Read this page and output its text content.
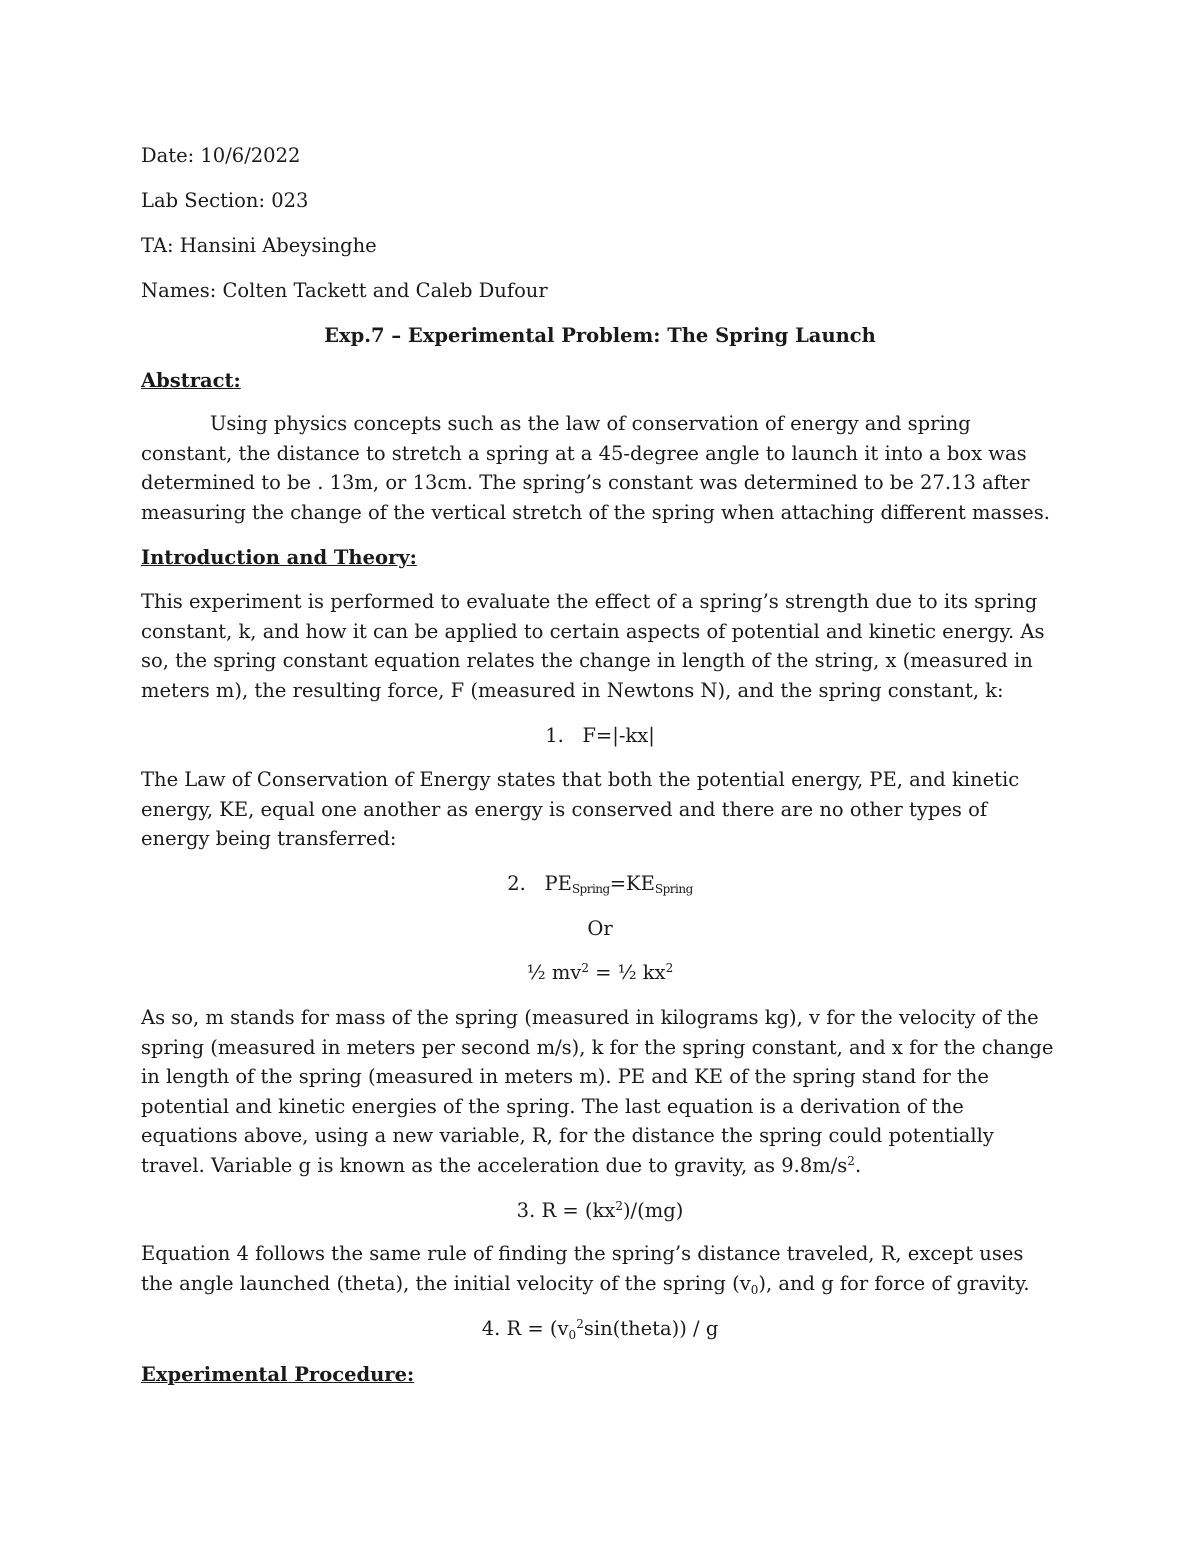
Date: 10/6/2022
Lab Section: 023
TA: Hansini Abeysinghe
Names: Colten Tackett and Caleb Dufour
Exp.7 – Experimental Problem: The Spring Launch
Abstract:

Using physics concepts such as the law of conservation of energy and spring constant, the distance to stretch a spring at a 45-degree angle to launch it into a box was determined to be . 13m, or 13cm. The spring’s constant was determined to be 27.13 after measuring the change of the vertical stretch of the spring when attaching different masses.

Introduction and Theory:

This experiment is performed to evaluate the effect of a spring’s strength due to its spring constant, k, and how it can be applied to certain aspects of potential and kinetic energy. As so, the spring constant equation relates the change in length of the string, x (measured in meters m), the resulting force, F (measured in Newtons N), and the spring constant, k:

1.   F=|-kx|

The Law of Conservation of Energy states that both the potential energy, PE, and kinetic energy, KE, equal one another as energy is conserved and there are no other types of energy being transferred:

2. $PE_{Spring}=KE_{Spring}$
Or
½ $mv^2$ = ½ $kx^2$

As so, m stands for mass of the spring (measured in kilograms kg), v for the velocity of the spring (measured in meters per second m/s), k for the spring constant, and x for the change in length of the spring (measured in meters m). PE and KE of the spring stand for the potential and kinetic energies of the spring. The last equation is a derivation of the equations above, using a new variable, R, for the distance the spring could potentially travel. Variable g is known as the acceleration due to gravity, as $9.8m/s^2$.

3. $R = (kx^2)/(mg)$

Equation 4 follows the same rule of finding the spring’s distance traveled, R, except uses the angle launched (theta), the initial velocity of the spring $(v_0)$, and g for force of gravity.

4. $R = (v_0^2\sin(theta)) / g$
Experimental Procedure:
